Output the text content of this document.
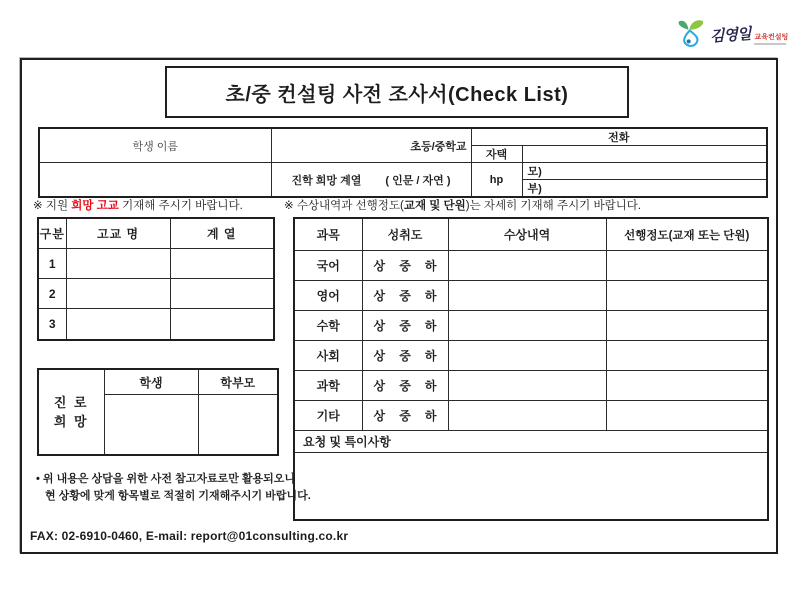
김영일 교육컨설팅
초/중 컨설팅 사전 조사서(Check List)
학생 이름	초등/중학교	전화	
		자택	
	진학 희망 계열 ( 인문 / 자연 )	hp	모)
			부)
※ 지원 희망 고교 기재해 주시기 바랍니다.	※ 수상내역과 선행정도(교재 및 단원)는 자세히 기재해 주시기 바랍니다.
구분	고교 명	계 열
1		
2		
3		
과목	성취도	수상내역	선행정도(교재 또는 단원)
국어	상 중 하		

영어	상 중 하		

수학	상 중 하		

사회	상 중 하		

과학	상 중 하		

기타	상 중 하		

요청 및 특이사항			

진 로
희 망	학생	학부모

• 위 내용은 상담을 위한 사전 참고자료로만 활용되오니
현 상황에 맞게 항목별로 적절히 기재해주시기 바랍니다.
FAX: 02-6910-0460, E-mail: report@01consulting.co.kr
